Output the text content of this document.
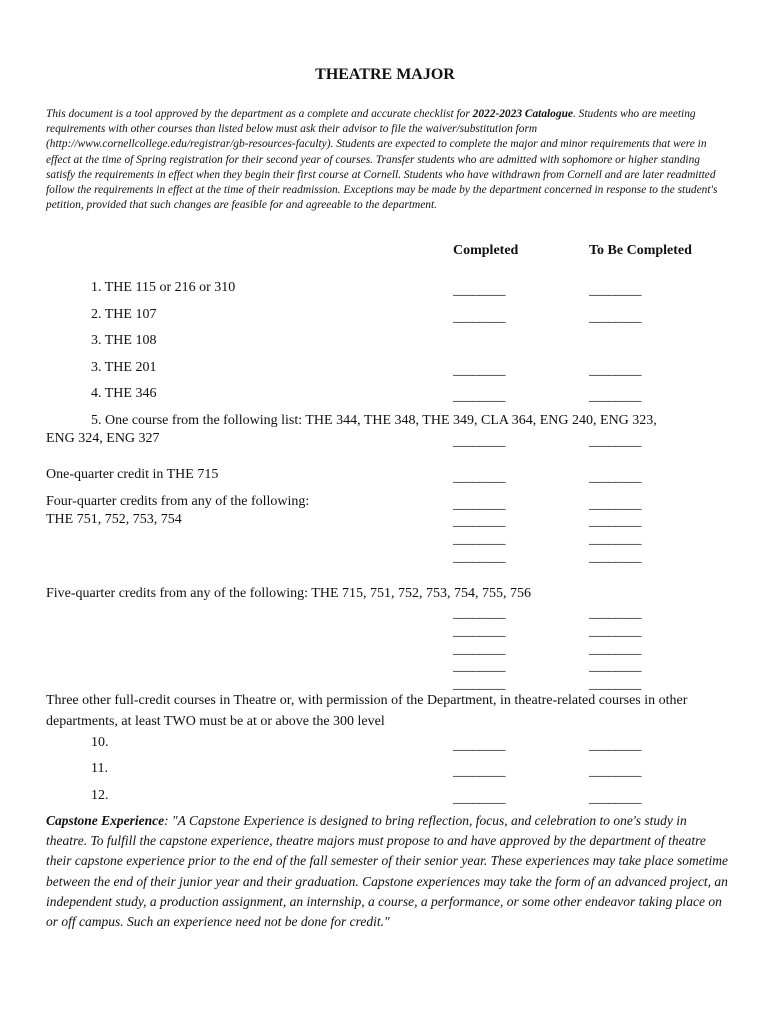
THEATRE MAJOR
This document is a tool approved by the department as a complete and accurate checklist for 2022-2023 Catalogue. Students who are meeting requirements with other courses than listed below must ask their advisor to file the waiver/substitution form (http://www.cornellcollege.edu/registrar/gb-resources-faculty). Students are expected to complete the major and minor requirements that were in effect at the time of Spring registration for their second year of courses. Transfer students who are admitted with sophomore or higher standing satisfy the requirements in effect when they begin their first course at Cornell. Students who have withdrawn from Cornell and are later readmitted follow the requirements in effect at the time of their readmission. Exceptions may be made by the department concerned in response to the student's petition, provided that such changes are feasible for and agreeable to the department.
Completed	To Be Completed
1. THE 115 or 216 or 310
2. THE 107
3. THE 108
3. THE 201
4. THE 346
5. One course from the following list: THE 344, THE 348, THE 349, CLA 364, ENG 240, ENG 323,
ENG 324, ENG 327
One-quarter credit in THE 715
Four-quarter credits from any of the following:
THE 751, 752, 753, 754
Five-quarter credits from any of the following: THE 715, 751, 752, 753, 754, 755, 756
Three other full-credit courses in Theatre or, with permission of the Department, in theatre-related courses in other departments, at least TWO must be at or above the 300 level
10.
11.
12.
________
________
________
________
________
________
________
________
________
________
________
________
________
________
________
________
________
________
________
________
________
________
________
________
________
________
________
________
________
________
________
________
________
________
________
________
Capstone Experience: "A Capstone Experience is designed to bring reflection, focus, and celebration to one's study in theatre. To fulfill the capstone experience, theatre majors must propose to and have approved by the department of theatre their capstone experience prior to the end of the fall semester of their senior year. These experiences may take place sometime between the end of their junior year and their graduation. Capstone experiences may take the form of an advanced project, an independent study, a production assignment, an internship, a course, a performance, or some other endeavor taking place on or off campus. Such an experience need not be done for credit."
